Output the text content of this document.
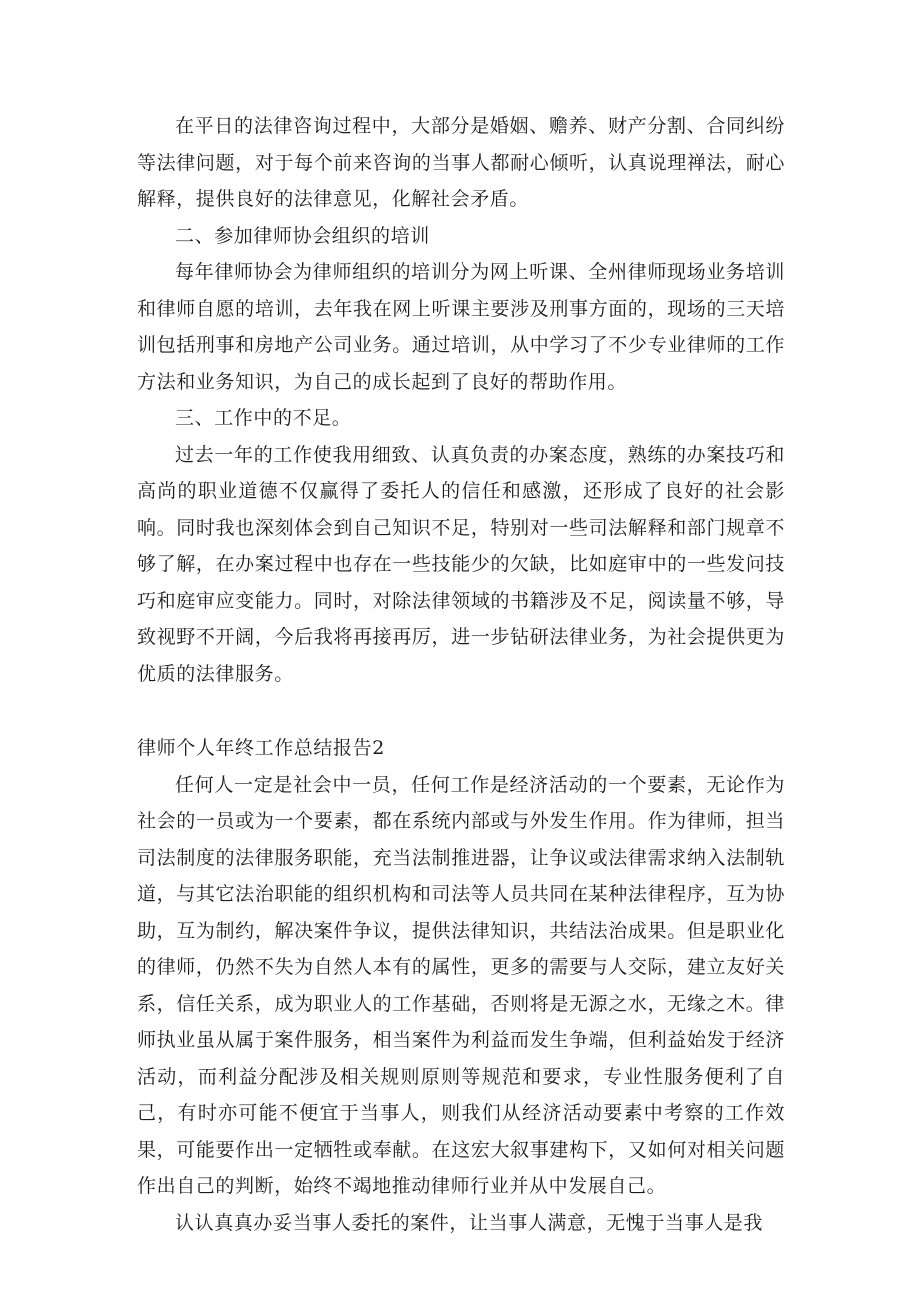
在平日的法律咨询过程中，大部分是婚姻、赡养、财产分割、合同纠纷等法律问题，对于每个前来咨询的当事人都耐心倾听，认真说理禅法，耐心解释，提供良好的法律意见，化解社会矛盾。

二、参加律师协会组织的培训

每年律师协会为律师组织的培训分为网上听课、全州律师现场业务培训和律师自愿的培训，去年我在网上听课主要涉及刑事方面的，现场的三天培训包括刑事和房地产公司业务。通过培训，从中学习了不少专业律师的工作方法和业务知识，为自己的成长起到了良好的帮助作用。

三、工作中的不足。

过去一年的工作使我用细致、认真负责的办案态度，熟练的办案技巧和高尚的职业道德不仅赢得了委托人的信任和感激，还形成了良好的社会影响。同时我也深刻体会到自己知识不足，特别对一些司法解释和部门规章不够了解，在办案过程中也存在一些技能少的欠缺，比如庭审中的一些发问技巧和庭审应变能力。同时，对除法律领域的书籍涉及不足，阅读量不够，导致视野不开阔，今后我将再接再厉，进一步钻研法律业务，为社会提供更为优质的法律服务。

律师个人年终工作总结报告2

任何人一定是社会中一员，任何工作是经济活动的一个要素，无论作为社会的一员或为一个要素，都在系统内部或与外发生作用。作为律师，担当司法制度的法律服务职能，充当法制推进器，让争议或法律需求纳入法制轨道，与其它法治职能的组织机构和司法等人员共同在某种法律程序，互为协助，互为制约，解决案件争议，提供法律知识，共结法治成果。但是职业化的律师，仍然不失为自然人本有的属性，更多的需要与人交际，建立友好关系，信任关系，成为职业人的工作基础，否则将是无源之水，无缘之木。律师执业虽从属于案件服务，相当案件为利益而发生争端，但利益始发于经济活动，而利益分配涉及相关规则原则等规范和要求，专业性服务便利了自己，有时亦可能不便宜于当事人，则我们从经济活动要素中考察的工作效果，可能要作出一定牺牲或奉献。在这宏大叙事建构下，又如何对相关问题作出自己的判断，始终不竭地推动律师行业并从中发展自己。

认认真真办妥当事人委托的案件，让当事人满意，无愧于当事人是我
